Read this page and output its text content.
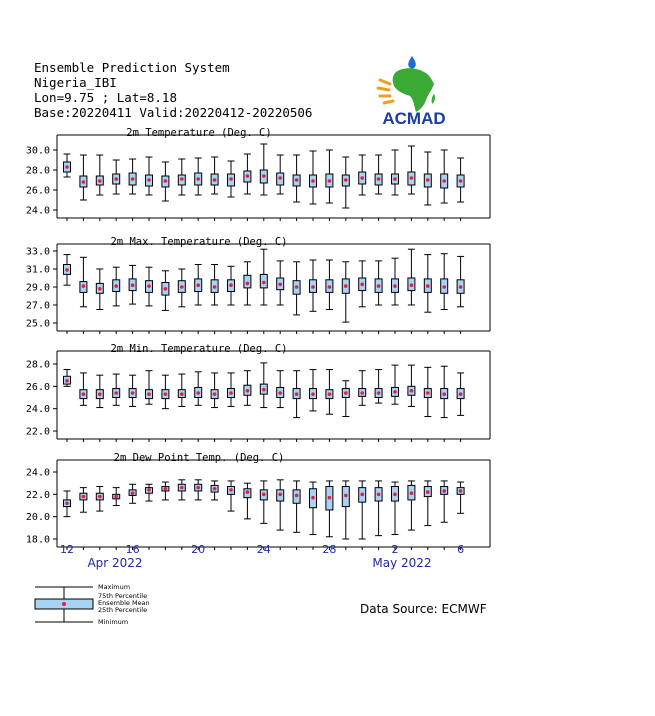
Ensemble Prediction System
Nigeria_IBI
Lon=9.75 ; Lat=8.18
Base:20220411 Valid:20220412-20220506	ACMAD
2m Temperature (Deg. C)
30.0
28.0
26.0
24.0
2m Max. Temperature (Deg. C)
33.0
31.0
29.0
27.0
25.0
2m Min. Temperature (Deg. C)
28.0
26.0
24.0
22.0
2m Dew Point Temp. (Deg. C)
24.0
22.0
20.0
18.0
12	16	20	24	28	2	6
Apr 2022	May 2022
Maximum
75th Percentile
Ensemble Mean
25th Percentile
Minimum
Data Source: ECMWF
